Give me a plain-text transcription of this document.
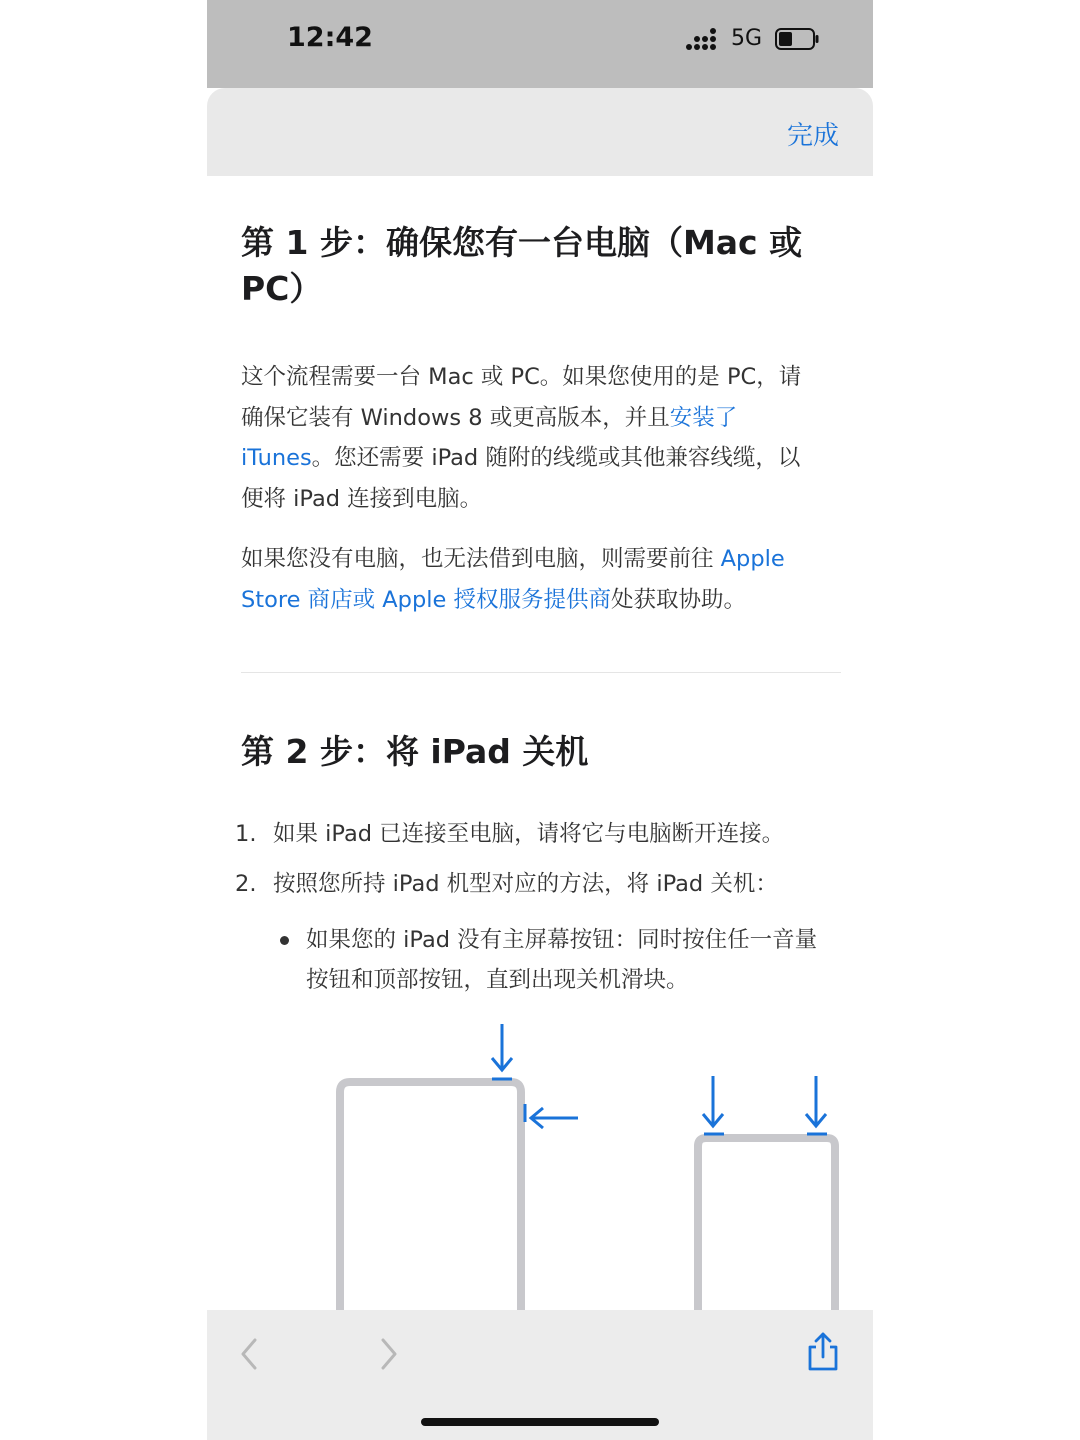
12:42	5G
完成
第 1 步：确保您有一台电脑（Mac 或
PC）

这个流程需要一台 Mac 或 PC。如果您使用的是 PC，请
确保它装有 Windows 8 或更高版本，并且安装了
iTunes。您还需要 iPad 随附的线缆或其他兼容线缆，以
便将 iPad 连接到电脑。

如果您没有电脑，也无法借到电脑，则需要前往 Apple
Store 商店或 Apple 授权服务提供商处获取协助。

第 2 步：将 iPad 关机
1. 如果 iPad 已连接至电脑，请将它与电脑断开连接。
2. 按照您所持 iPad 机型对应的方法，将 iPad 关机：
如果您的 iPad 没有主屏幕按钮：同时按住任一音量
按钮和顶部按钮，直到出现关机滑块。
